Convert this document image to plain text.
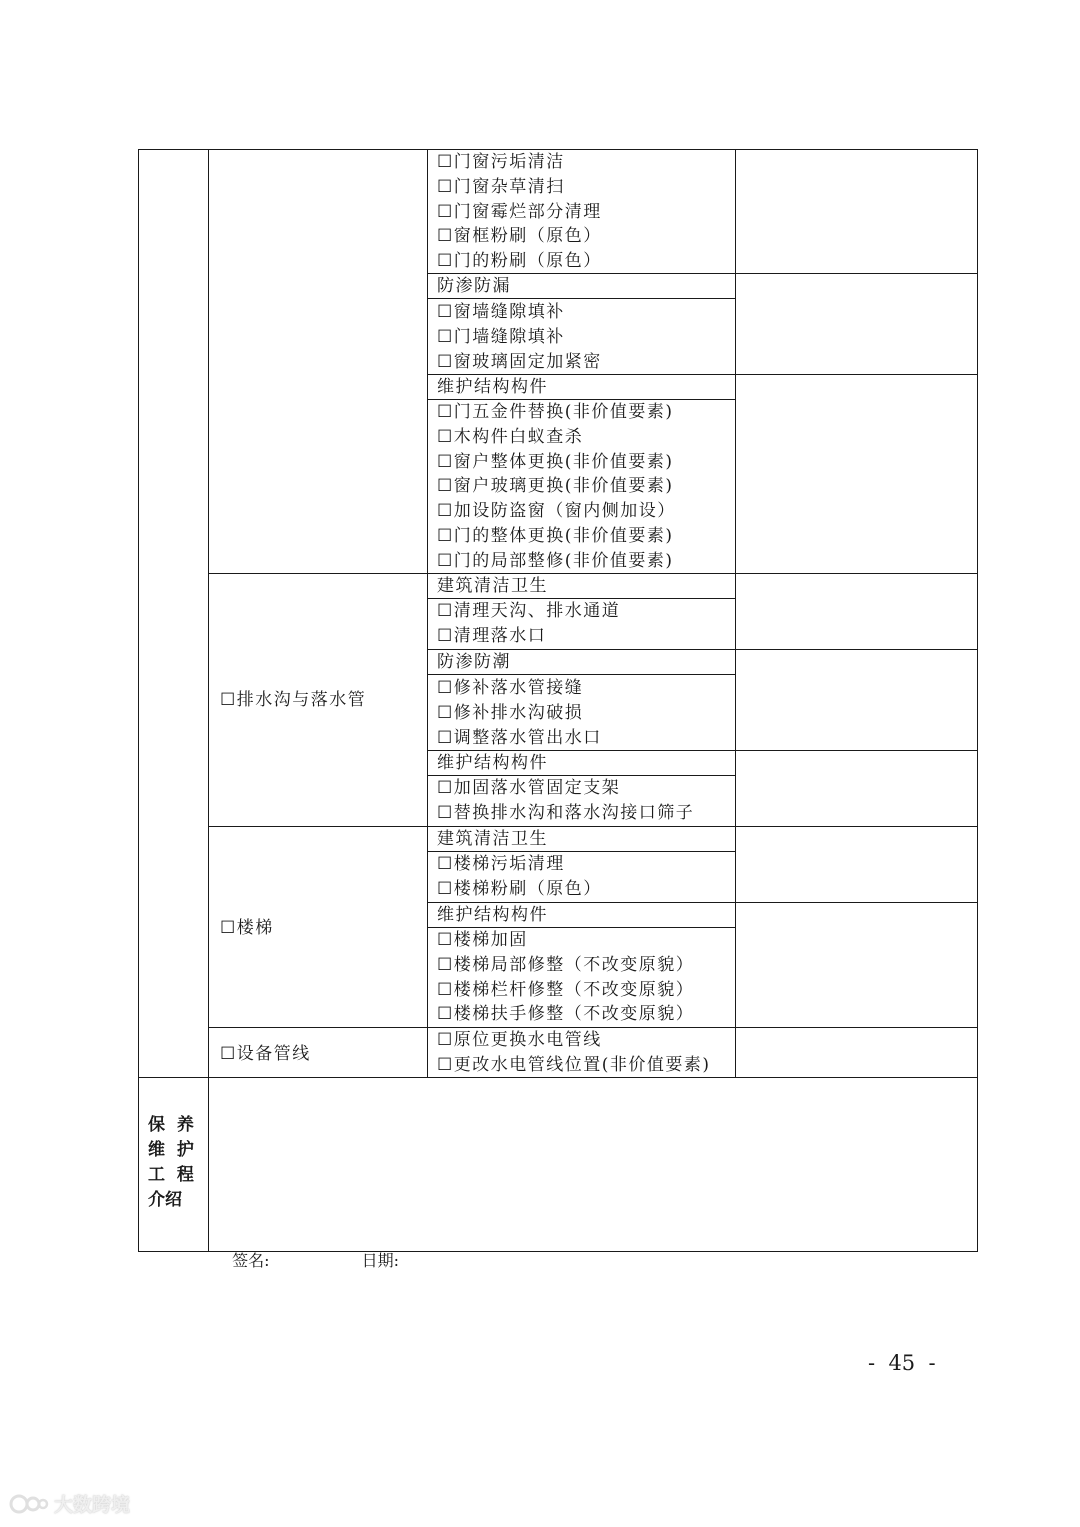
☐排水沟与落水管
☐楼梯
☐设备管线
☐门窗污垢清洁
☐门窗杂草清扫
☐门窗霉烂部分清理
☐窗框粉刷（原色）
☐门的粉刷（原色）
防渗防漏
☐窗墙缝隙填补
☐门墙缝隙填补
☐窗玻璃固定加紧密
维护结构构件
☐门五金件替换(非价值要素)
☐木构件白蚁查杀
☐窗户整体更换(非价值要素)
☐窗户玻璃更换(非价值要素)
☐加设防盗窗（窗内侧加设）
☐门的整体更换(非价值要素)
☐门的局部整修(非价值要素)
建筑清洁卫生
☐清理天沟、排水通道
☐清理落水口
防渗防潮
☐修补落水管接缝
☐修补排水沟破损
☐调整落水管出水口
维护结构构件
☐加固落水管固定支架
☐替换排水沟和落水沟接口筛子
建筑清洁卫生
☐楼梯污垢清理
☐楼梯粉刷（原色）
维护结构构件
☐楼梯加固
☐楼梯局部修整（不改变原貌）
☐楼梯栏杆修整（不改变原貌）
☐楼梯扶手修整（不改变原貌）
☐原位更换水电管线
☐更改水电管线位置(非价值要素)
保  养
维  护
工  程
介绍

签名:	日期:

-  45  -
大数跨境
